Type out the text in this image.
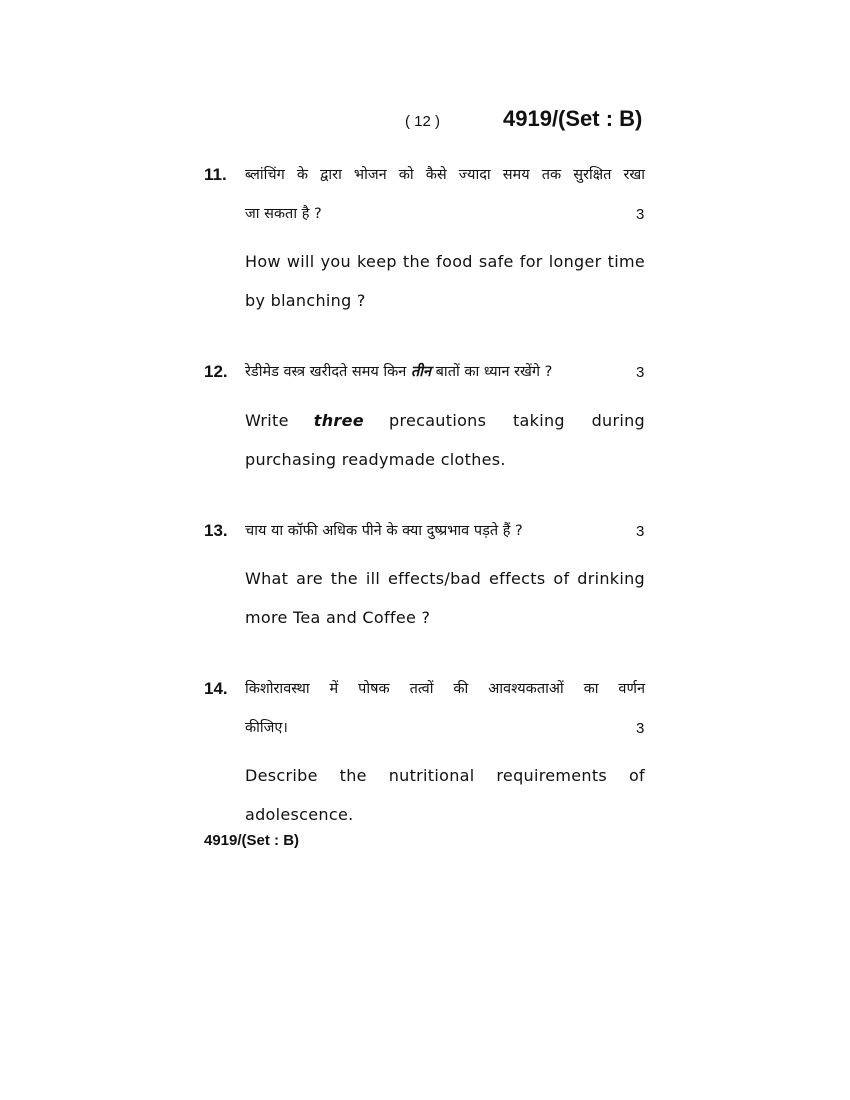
( 12 )	4919/(Set : B)
11. ब्लांचिंग के द्वारा भोजन को कैसे ज्यादा समय तक सुरक्षित रखा
जा सकता है ?	3
How will you keep the food safe for longer time
by blanching ?
12. रेडीमेड वस्त्र खरीदते समय किन तीन बातों का ध्यान रखेंगे ?	3
Write three precautions taking during
purchasing readymade clothes.
13. चाय या कॉफी अधिक पीने के क्या दुष्प्रभाव पड़ते हैं ?	3
What are the ill effects/bad effects of drinking
more Tea and Coffee ?
14. किशोरावस्था में पोषक तत्वों की आवश्यकताओं का वर्णन
कीजिए।	3
Describe the nutritional requirements of
adolescence.
4919/(Set : B)
